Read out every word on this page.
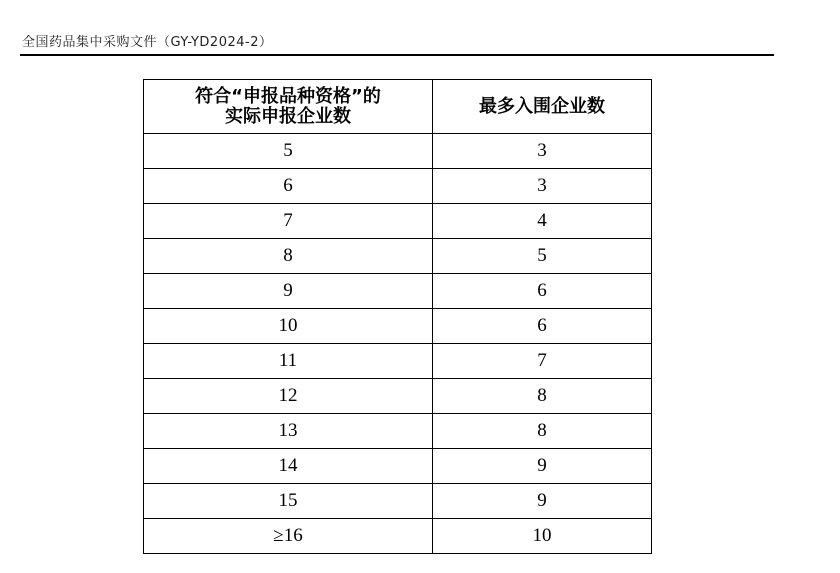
全国药品集中采购文件（GY-YD2024-2）
符合“申报品种资格”的
实际申报企业数	最多入围企业数
5	3
6	3
7	4
8	5
9	6
10	6
11	7
12	8
13	8
14	9
15	9
≥16	10
